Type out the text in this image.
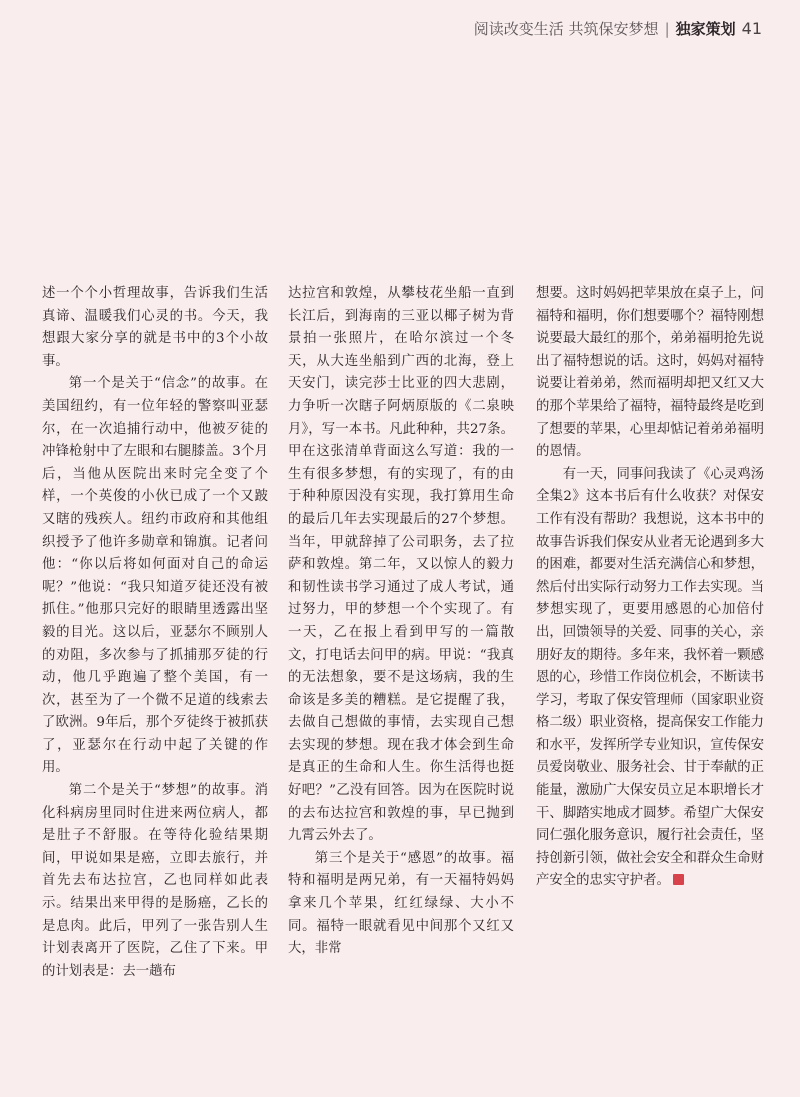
阅读改变生活 共筑保安梦想 | 独家策划 41

述一个个小哲理故事，告诉我们生活真谛、温暖我们心灵的书。今天，我想跟大家分享的就是书中的3个小故事。

第一个是关于“信念”的故事。在美国纽约，有一位年轻的警察叫亚瑟尔，在一次追捕行动中，他被歹徒的冲锋枪射中了左眼和右腿膝盖。3个月后，当他从医院出来时完全变了个样，一个英俊的小伙已成了一个又跛又瞎的残疾人。纽约市政府和其他组织授予了他许多勋章和锦旗。记者问他：“你以后将如何面对自己的命运呢？”他说：“我只知道歹徒还没有被抓住。”他那只完好的眼睛里透露出坚毅的目光。这以后，亚瑟尔不顾别人的劝阻，多次参与了抓捕那歹徒的行动，他几乎跑遍了整个美国，有一次，甚至为了一个微不足道的线索去了欧洲。9年后，那个歹徒终于被抓获了，亚瑟尔在行动中起了关键的作用。

第二个是关于“梦想”的故事。消化科病房里同时住进来两位病人，都是肚子不舒服。在等待化验结果期间，甲说如果是癌，立即去旅行，并首先去布达拉宫，乙也同样如此表示。结果出来甲得的是肠癌，乙长的是息肉。此后，甲列了一张告别人生计划表离开了医院，乙住了下来。甲的计划表是：去一趟布

达拉宫和敦煌，从攀枝花坐船一直到长江后，到海南的三亚以椰子树为背景拍一张照片，在哈尔滨过一个冬天，从大连坐船到广西的北海，登上天安门，读完莎士比亚的四大悲剧，力争听一次瞎子阿炳原版的《二泉映月》，写一本书。凡此种种，共27条。甲在这张清单背面这么写道：我的一生有很多梦想，有的实现了，有的由于种种原因没有实现，我打算用生命的最后几年去实现最后的27个梦想。当年，甲就辞掉了公司职务，去了拉萨和敦煌。第二年，又以惊人的毅力和韧性读书学习通过了成人考试，通过努力，甲的梦想一个个实现了。有一天，乙在报上看到甲写的一篇散文，打电话去问甲的病。甲说：“我真的无法想象，要不是这场病，我的生命该是多美的糟糕。是它提醒了我，去做自己想做的事情，去实现自己想去实现的梦想。现在我才体会到生命是真正的生命和人生。你生活得也挺好吧？”乙没有回答。因为在医院时说的去布达拉宫和敦煌的事，早已抛到九霄云外去了。

第三个是关于“感恩”的故事。福特和福明是两兄弟，有一天福特妈妈拿来几个苹果，红红绿绿、大小不同。福特一眼就看见中间那个又红又大，非常

想要。这时妈妈把苹果放在桌子上，问福特和福明，你们想要哪个？福特刚想说要最大最红的那个，弟弟福明抢先说出了福特想说的话。这时，妈妈对福特说要让着弟弟，然而福明却把又红又大的那个苹果给了福特，福特最终是吃到了想要的苹果，心里却惦记着弟弟福明的恩情。

有一天，同事问我读了《心灵鸡汤全集2》这本书后有什么收获？对保安工作有没有帮助？我想说，这本书中的故事告诉我们保安从业者无论遇到多大的困难，都要对生活充满信心和梦想，然后付出实际行动努力工作去实现。当梦想实现了，更要用感恩的心加倍付出，回馈领导的关爱、同事的关心，亲朋好友的期待。多年来，我怀着一颗感恩的心，珍惜工作岗位机会，不断读书学习，考取了保安管理师（国家职业资格二级）职业资格，提高保安工作能力和水平，发挥所学专业知识，宣传保安员爱岗敬业、服务社会、甘于奉献的正能量，激励广大保安员立足本职增长才干、脚踏实地成才圆梦。希望广大保安同仁强化服务意识，履行社会责任，坚持创新引领，做社会安全和群众生命财产安全的忠实守护者。
